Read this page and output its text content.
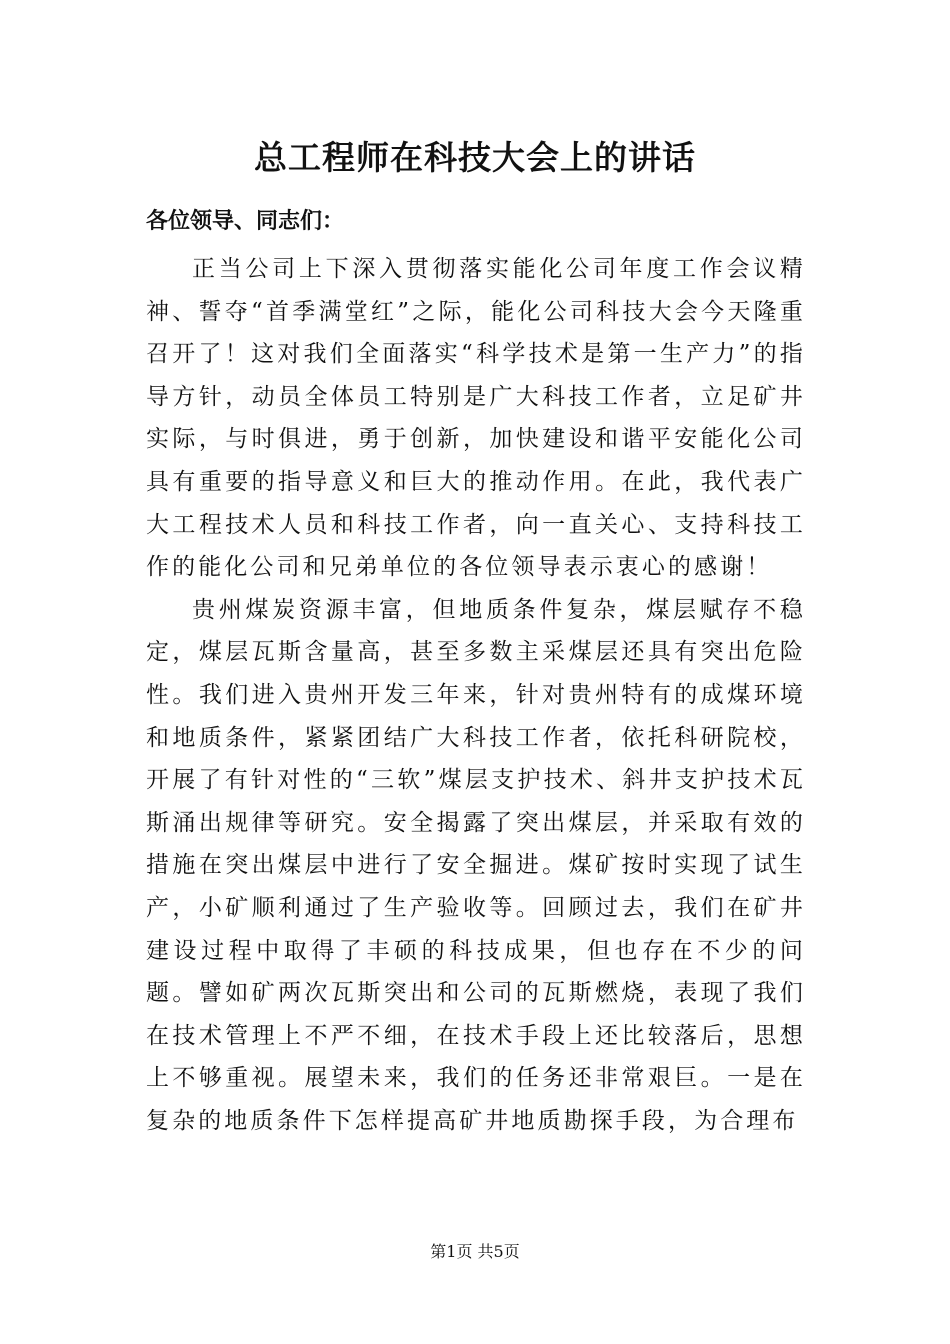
总工程师在科技大会上的讲话
各位领导、同志们：

正当公司上下深入贯彻落实能化公司年度工作会议精神、誓夺“首季满堂红”之际，能化公司科技大会今天隆重召开了！这对我们全面落实“科学技术是第一生产力”的指导方针，动员全体员工特别是广大科技工作者，立足矿井实际，与时俱进，勇于创新，加快建设和谐平安能化公司具有重要的指导意义和巨大的推动作用。在此，我代表广大工程技术人员和科技工作者，向一直关心、支持科技工作的能化公司和兄弟单位的各位领导表示衷心的感谢！

贵州煤炭资源丰富，但地质条件复杂，煤层赋存不稳定，煤层瓦斯含量高，甚至多数主采煤层还具有突出危险性。我们进入贵州开发三年来，针对贵州特有的成煤环境和地质条件，紧紧团结广大科技工作者，依托科研院校，开展了有针对性的“三软”煤层支护技术、斜井支护技术瓦斯涌出规律等研究。安全揭露了突出煤层，并采取有效的措施在突出煤层中进行了安全掘进。煤矿按时实现了试生产，小矿顺利通过了生产验收等。回顾过去，我们在矿井建设过程中取得了丰硕的科技成果，但也存在不少的问题。譬如矿两次瓦斯突出和公司的瓦斯燃烧，表现了我们在技术管理上不严不细，在技术手段上还比较落后，思想上不够重视。展望未来，我们的任务还非常艰巨。一是在复杂的地质条件下怎样提高矿井地质勘探手段，为合理布

第1页 共5页
